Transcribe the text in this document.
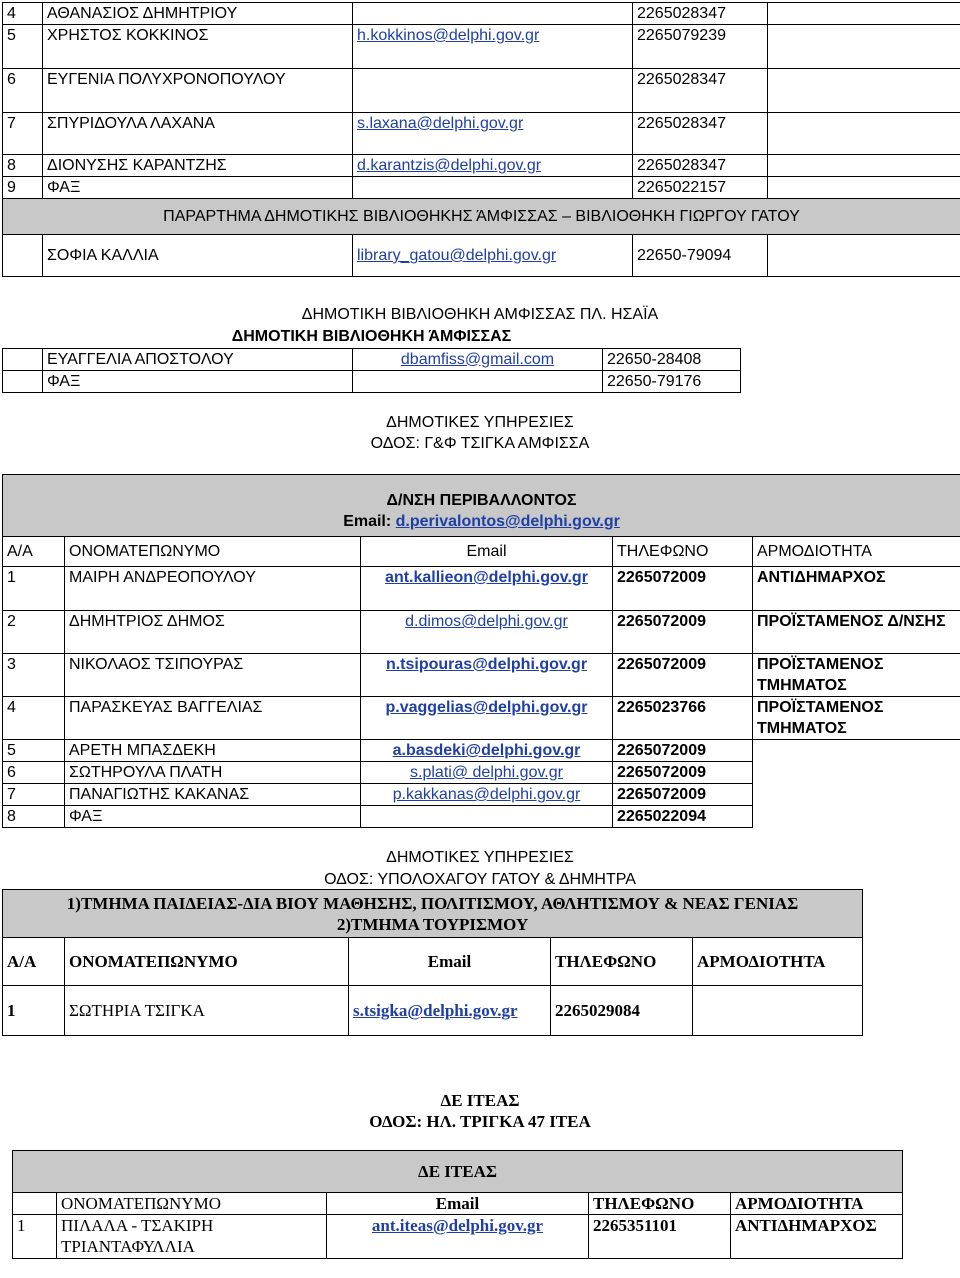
4	ΑΘΑΝΑΣΙΟΣ ΔΗΜΗΤΡΙΟΥ		2265028347	
5	ΧΡΗΣΤΟΣ ΚΟΚΚΙΝΟΣ	h.kokkinos@delphi.gov.gr	2265079239	
6	ΕΥΓΕΝΙΑ ΠΟΛΥΧΡΟΝΟΠΟΥΛΟΥ		2265028347	
7	ΣΠΥΡΙΔΟΥΛΑ ΛΑΧΑΝΑ	s.laxana@delphi.gov.gr	2265028347	
8	ΔΙΟΝΥΣΗΣ ΚΑΡΑΝΤΖΗΣ	d.karantzis@delphi.gov.gr	2265028347	
9	ΦΑΞ		2265022157	
ΠΑΡΑΡΤΗΜΑ ΔΗΜΟΤΙΚΗΣ ΒΙΒΛΙΟΘΗΚΗΣ ΆΜΦΙΣΣΑΣ – ΒΙΒΛΙΟΘΗΚΗ ΓΙΩΡΓΟΥ ΓΑΤΟΥ				
	ΣΟΦΙΑ ΚΑΛΛΙΑ	library_gatou@delphi.gov.gr	22650-79094	
ΔΗΜΟΤΙΚΗ ΒΙΒΛΙΟΘΗΚΗ ΑΜΦΙΣΣΑΣ ΠΛ. ΗΣΑΪΑ
ΔΗΜΟΤΙΚΗ ΒΙΒΛΙΟΘΗΚΗ ΆΜΦΙΣΣΑΣ			
	ΕΥΑΓΓΕΛΙΑ ΑΠΟΣΤΟΛΟΥ	dbamfiss@gmail.com	22650-28408
	ΦΑΞ		22650-79176
ΔΗΜΟΤΙΚΕΣ ΥΠΗΡΕΣΙΕΣ
ΟΔΟΣ: Γ&Φ ΤΣΙΓΚΑ ΑΜΦΙΣΣΑ
Δ/ΝΣΗ ΠΕΡΙΒΑΛΛΟΝΤΟΣ
Email: d.perivalontos@delphi.gov.gr				

Α/Α	ΟΝΟΜΑΤΕΠΩΝΥΜΟ	Email	ΤΗΛΕΦΩΝΟ	ΑΡΜΟΔΙΟΤΗΤΑ
1	ΜΑΙΡΗ ΑΝΔΡΕΟΠΟΥΛΟΥ	ant.kallieon@delphi.gov.gr	2265072009	ΑΝΤΙΔΗΜΑΡΧΟΣ
2	ΔΗΜΗΤΡΙΟΣ ΔΗΜΟΣ	d.dimos@delphi.gov.gr	2265072009	ΠΡΟΪΣΤΑΜΕΝΟΣ Δ/ΝΣΗΣ
3	ΝΙΚΟΛΑΟΣ ΤΣΙΠΟΥΡΑΣ	n.tsipouras@delphi.gov.gr	2265072009	ΠΡΟΪΣΤΑΜΕΝΟΣ ΤΜΗΜΑΤΟΣ
4	ΠΑΡΑΣΚΕΥΑΣ ΒΑΓΓΕΛΙΑΣ	p.vaggelias@delphi.gov.gr	2265023766	ΠΡΟΪΣΤΑΜΕΝΟΣ ΤΜΗΜΑΤΟΣ
5	ΑΡΕΤΗ ΜΠΑΣΔΕΚΗ	a.basdeki@delphi.gov.gr	2265072009	
6	ΣΩΤΗΡΟΥΛΑ ΠΛΑΤΗ	s.plati@ delphi.gov.gr	2265072009	
7	ΠΑΝΑΓΙΩΤΗΣ ΚΑΚΑΝΑΣ	p.kakkanas@delphi.gov.gr	2265072009	
8	ΦΑΞ		2265022094	
ΔΗΜΟΤΙΚΕΣ ΥΠΗΡΕΣΙΕΣ
ΟΔΟΣ: ΥΠΟΛΟΧΑΓΟΥ ΓΑΤΟΥ & ΔΗΜΗΤΡΑ
1)ΤΜΗΜΑ ΠΑΙΔΕΙΑΣ-ΔΙΑ ΒΙΟΥ ΜΑΘΗΣΗΣ, ΠΟΛΙΤΙΣΜΟΥ, ΑΘΛΗΤΙΣΜΟΥ & ΝΕΑΣ ΓΕΝΙΑΣ
2)ΤΜΗΜΑ ΤΟΥΡΙΣΜΟΥ				

Α/Α	ΟΝΟΜΑΤΕΠΩΝΥΜΟ	Email	ΤΗΛΕΦΩΝΟ	ΑΡΜΟΔΙΟΤΗΤΑ
1	ΣΩΤΗΡΙΑ ΤΣΙΓΚΑ	s.tsigka@delphi.gov.gr	2265029084	
ΔΕ ΙΤΕΑΣ
ΟΔΟΣ: ΗΛ. ΤΡΙΓΚΑ 47 ΙΤΕΑ
ΔΕ ΙΤΕΑΣ				
	ΟΝΟΜΑΤΕΠΩΝΥΜΟ	Email	ΤΗΛΕΦΩΝΟ	ΑΡΜΟΔΙΟΤΗΤΑ
1	ΠΙΛΑΛΑ - ΤΣΑΚΙΡΗ ΤΡΙΑΝΤΑΦΥΛΛΙΑ	ant.iteas@delphi.gov.gr	2265351101	ΑΝΤΙΔΗΜΑΡΧΟΣ
